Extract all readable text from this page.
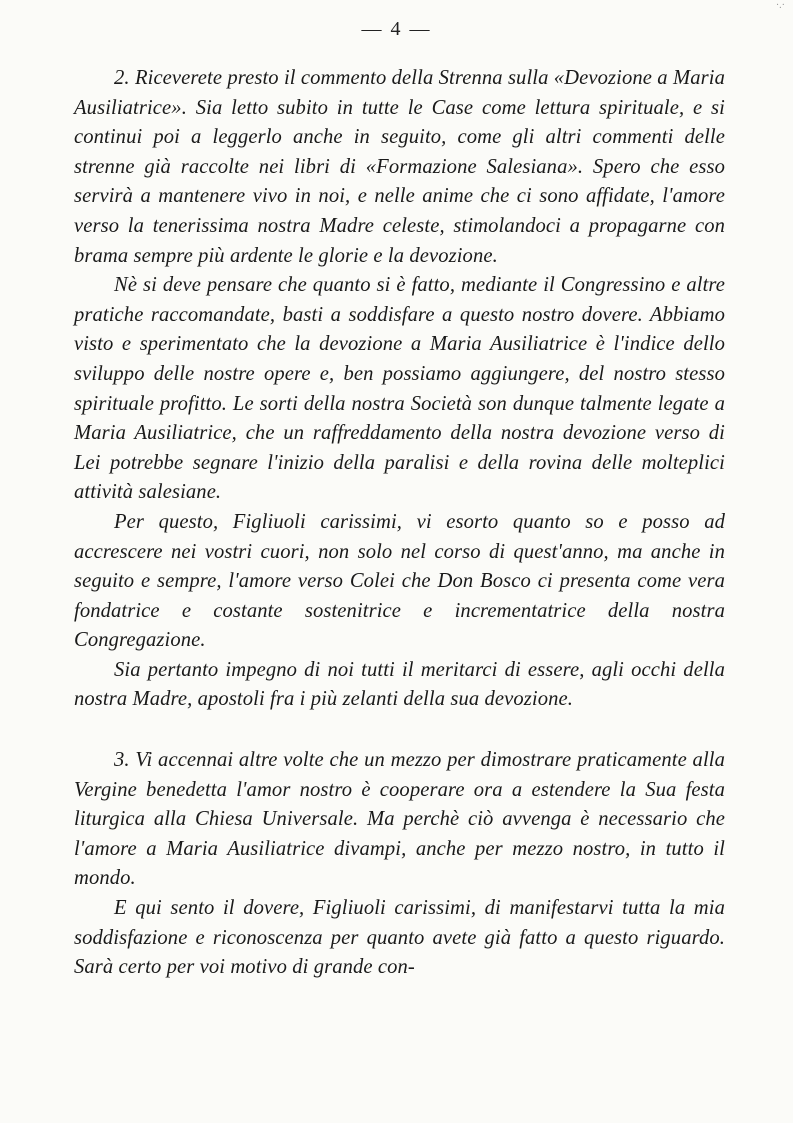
·.·
— 4 —

2. Riceverete presto il commento della Strenna sulla «Devozione a Maria Ausiliatrice». Sia letto subito in tutte le Case come lettura spirituale, e si continui poi a leggerlo anche in seguito, come gli altri commenti delle strenne già raccolte nei libri di «Formazione Salesiana». Spero che esso servirà a mantenere vivo in noi, e nelle anime che ci sono affidate, l'amore verso la tenerissima nostra Madre celeste, stimolandoci a propagarne con brama sempre più ardente le glorie e la devozione.

Nè si deve pensare che quanto si è fatto, mediante il Congressino e altre pratiche raccomandate, basti a soddisfare a questo nostro dovere. Abbiamo visto e sperimentato che la devozione a Maria Ausiliatrice è l'indice dello sviluppo delle nostre opere e, ben possiamo aggiungere, del nostro stesso spirituale profitto. Le sorti della nostra Società son dunque talmente legate a Maria Ausiliatrice, che un raffreddamento della nostra devozione verso di Lei potrebbe segnare l'inizio della paralisi e della rovina delle molteplici attività salesiane.

Per questo, Figliuoli carissimi, vi esorto quanto so e posso ad accrescere nei vostri cuori, non solo nel corso di quest'anno, ma anche in seguito e sempre, l'amore verso Colei che Don Bosco ci presenta come vera fondatrice e costante sostenitrice e incrementatrice della nostra Congregazione.

Sia pertanto impegno di noi tutti il meritarci di essere, agli occhi della nostra Madre, apostoli fra i più zelanti della sua devozione.

3. Vi accennai altre volte che un mezzo per dimostrare praticamente alla Vergine benedetta l'amor nostro è cooperare ora a estendere la Sua festa liturgica alla Chiesa Universale. Ma perchè ciò avvenga è necessario che l'amore a Maria Ausiliatrice divampi, anche per mezzo nostro, in tutto il mondo.

E qui sento il dovere, Figliuoli carissimi, di manifestarvi tutta la mia soddisfazione e riconoscenza per quanto avete già fatto a questo riguardo. Sarà certo per voi motivo di grande con-
